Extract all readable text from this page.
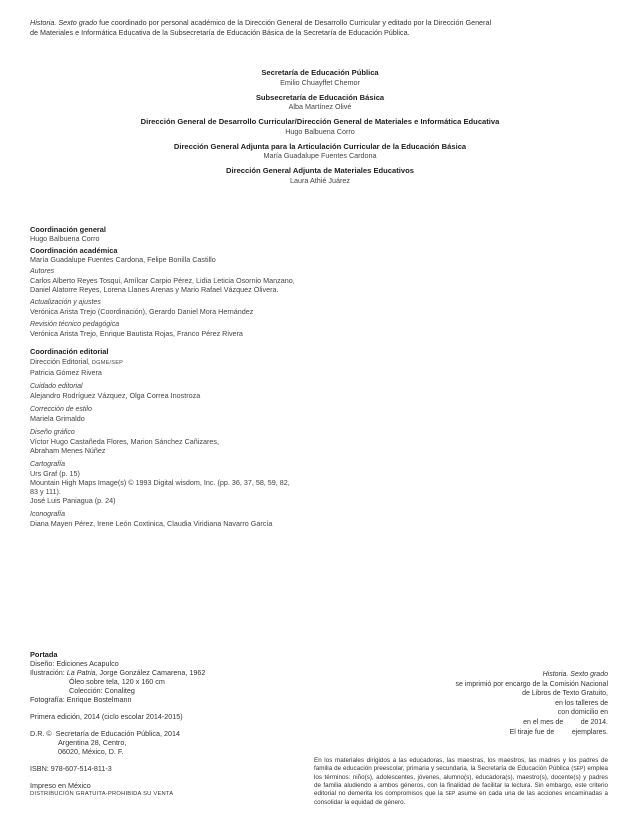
Historia. Sexto grado fue coordinado por personal académico de la Dirección General de Desarrollo Curricular y editado por la Dirección General
de Materiales e Informática Educativa de la Subsecretaría de Educación Básica de la Secretaría de Educación Pública.
Secretaría de Educación Pública
Emilio Chuayffet Chemor
Subsecretaría de Educación Básica
Alba Martínez Olivé
Dirección General de Desarrollo Curricular/Dirección General de Materiales e Informática Educativa
Hugo Balbuena Corro
Dirección General Adjunta para la Articulación Curricular de la Educación Básica
María Guadalupe Fuentes Cardona
Dirección General Adjunta de Materiales Educativos
Laura Athié Juárez
Coordinación general
Hugo Balbuena Corro
Coordinación académica
María Guadalupe Fuentes Cardona, Felipe Bonilla Castillo
Autores
Carlos Alberto Reyes Tosqui, Amílcar Carpio Pérez, Lidia Leticia Osornio Manzano,
Daniel Alatorre Reyes, Lorena Llanes Arenas y Mario Rafael Vázquez Olivera.
Actualización y ajustes
Verónica Arista Trejo (Coordinación), Gerardo Daniel Mora Hernández
Revisión técnico pedagógica
Verónica Arista Trejo, Enrique Bautista Rojas, Franco Pérez Rivera
Coordinación editorial
Dirección Editorial, DGME/SEP
Patricia Gómez Rivera
Cuidado editorial
Alejandro Rodríguez Vázquez, Olga Correa Inostroza
Corrección de estilo
Mariela Grimaldo
Diseño gráfico
Víctor Hugo Castañeda Flores, Marion Sánchez Cañizares,
Abraham Menes Núñez
Cartografía
Urs Graf (p. 15)
Mountain High Maps Image(s) © 1993 Digital wisdom, Inc. (pp. 36, 37, 58, 59, 82,
83 y 111).
José Luis Paniagua (p. 24)
Iconografía
Diana Mayen Pérez, Irene León Coxtinica, Claudia Viridiana Navarro García
Portada
Diseño: Ediciones Acapulco
Ilustración: La Patria, Jorge González Camarena, 1962
Óleo sobre tela, 120 x 160 cm
Colección: Conaliteg
Fotografía: Enrique Bostelmann
Primera edición, 2014 (ciclo escolar 2014-2015)
D.R. © Secretaría de Educación Pública, 2014
Argentina 28, Centro,
06020, México, D. F.
ISBN: 978-607-514-811-3
Impreso en México
DISTRIBUCIÓN GRATUITA-PROHIBIDA SU VENTA
Historia. Sexto grado
se imprimió por encargo de la Comisión Nacional
de Libros de Texto Gratuito,
en los talleres de
con domicilio en
en el mes de         de 2014.
El tiraje fue de         ejemplares.
En los materiales dirigidos a las educadoras, las maestras, los maestros, las madres y los padres de familia de educación preescolar, primaria y secundaria, la Secretaría de Educación Pública (SEP) emplea los términos: niño(s), adolescentes, jóvenes, alumno(s), educadora(s), maestro(s), docente(s) y padres de familia aludiendo a ambos géneros, con la finalidad de facilitar la lectura. Sin embargo, este criterio editorial no demerita los compromisos que la SEP asume en cada una de las acciones encaminadas a consolidar la equidad de género.
